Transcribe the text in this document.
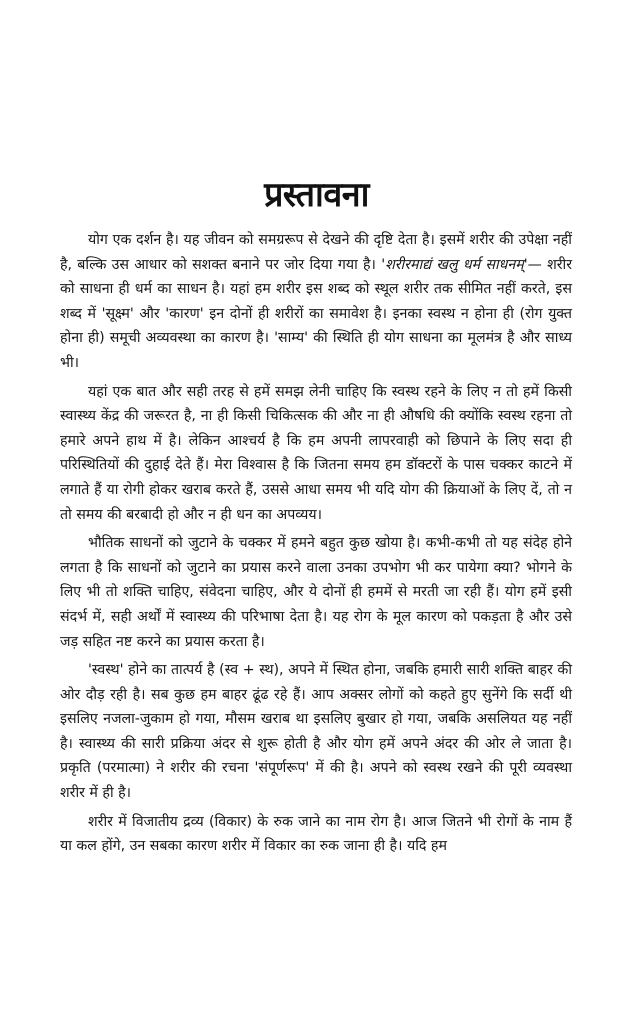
प्रस्तावना

योग एक दर्शन है। यह जीवन को समग्ररूप से देखने की दृष्टि देता है। इसमें शरीर की उपेक्षा नहीं है, बल्कि उस आधार को सशक्त बनाने पर जोर दिया गया है। 'शरीरमाद्यं खलु धर्म साधनम्'— शरीर को साधना ही धर्म का साधन है। यहां हम शरीर इस शब्द को स्थूल शरीर तक सीमित नहीं करते, इस शब्द में 'सूक्ष्म' और 'कारण' इन दोनों ही शरीरों का समावेश है। इनका स्वस्थ न होना ही (रोग युक्त होना ही) समूची अव्यवस्था का कारण है। 'साम्य' की स्थिति ही योग साधना का मूलमंत्र है और साध्य भी।

यहां एक बात और सही तरह से हमें समझ लेनी चाहिए कि स्वस्थ रहने के लिए न तो हमें किसी स्वास्थ्य केंद्र की जरूरत है, ना ही किसी चिकित्सक की और ना ही औषधि की क्योंकि स्वस्थ रहना तो हमारे अपने हाथ में है। लेकिन आश्चर्य है कि हम अपनी लापरवाही को छिपाने के लिए सदा ही परिस्थितियों की दुहाई देते हैं। मेरा विश्वास है कि जितना समय हम डॉक्टरों के पास चक्कर काटने में लगाते हैं या रोगी होकर खराब करते हैं, उससे आधा समय भी यदि योग की क्रियाओं के लिए दें, तो न तो समय की बरबादी हो और न ही धन का अपव्यय।

भौतिक साधनों को जुटाने के चक्कर में हमने बहुत कुछ खोया है। कभी-कभी तो यह संदेह होने लगता है कि साधनों को जुटाने का प्रयास करने वाला उनका उपभोग भी कर पायेगा क्या? भोगने के लिए भी तो शक्ति चाहिए, संवेदना चाहिए, और ये दोनों ही हममें से मरती जा रही हैं। योग हमें इसी संदर्भ में, सही अर्थों में स्वास्थ्य की परिभाषा देता है। यह रोग के मूल कारण को पकड़ता है और उसे जड़ सहित नष्ट करने का प्रयास करता है।

'स्वस्थ' होने का तात्पर्य है (स्व + स्थ), अपने में स्थित होना, जबकि हमारी सारी शक्ति बाहर की ओर दौड़ रही है। सब कुछ हम बाहर ढूंढ रहे हैं। आप अक्सर लोगों को कहते हुए सुनेंगे कि सर्दी थी इसलिए नजला-जुकाम हो गया, मौसम खराब था इसलिए बुखार हो गया, जबकि असलियत यह नहीं है। स्वास्थ्य की सारी प्रक्रिया अंदर से शुरू होती है और योग हमें अपने अंदर की ओर ले जाता है। प्रकृति (परमात्मा) ने शरीर की रचना 'संपूर्णरूप' में की है। अपने को स्वस्थ रखने की पूरी व्यवस्था शरीर में ही है।

शरीर में विजातीय द्रव्य (विकार) के रुक जाने का नाम रोग है। आज जितने भी रोगों के नाम हैं या कल होंगे, उन सबका कारण शरीर में विकार का रुक जाना ही है। यदि हम
